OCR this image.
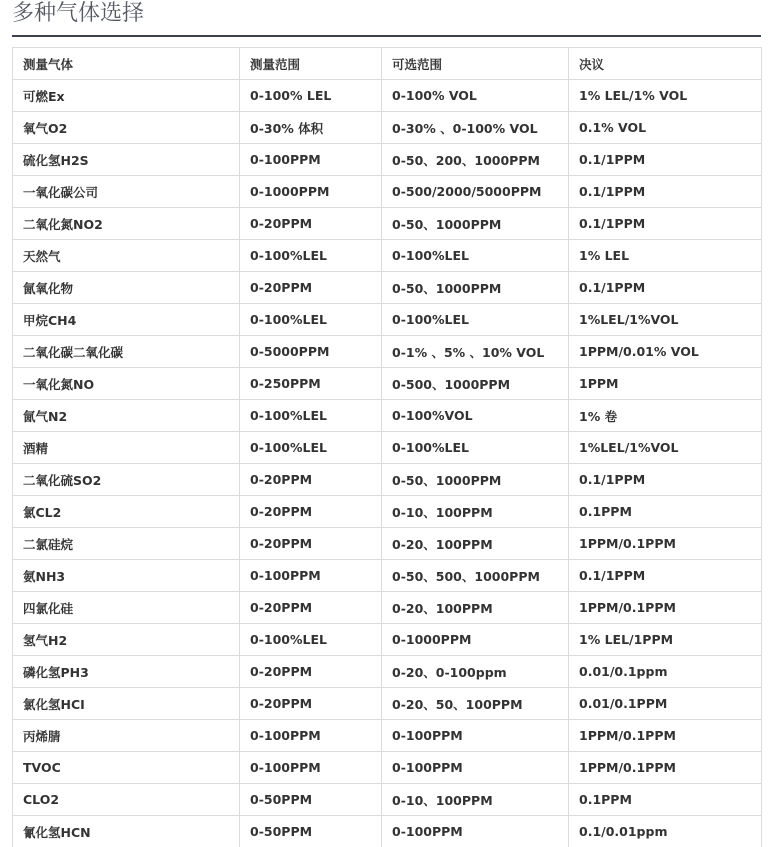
多种气体选择
测量气体	测量范围	可选范围	决议
可燃Ex	0-100% LEL	0-100% VOL	1% LEL/1% VOL
氧气O2	0-30% 体积	0-30% 、0-100% VOL	0.1% VOL
硫化氢H2S	0-100PPM	0-50、200、1000PPM	0.1/1PPM
一氧化碳公司	0-1000PPM	0-500/2000/5000PPM	0.1/1PPM
二氧化氮NO2	0-20PPM	0-50、1000PPM	0.1/1PPM
天然气	0-100%LEL	0-100%LEL	1% LEL
氤氧化物	0-20PPM	0-50、1000PPM	0.1/1PPM
甲烷CH4	0-100%LEL	0-100%LEL	1%LEL/1%VOL
二氧化碳二氧化碳	0-5000PPM	0-1% 、5% 、10% VOL	1PPM/0.01% VOL
一氧化氮NO	0-250PPM	0-500、1000PPM	1PPM
氤气N2	0-100%LEL	0-100%VOL	1% 卷
酒精	0-100%LEL	0-100%LEL	1%LEL/1%VOL
二氧化硫SO2	0-20PPM	0-50、1000PPM	0.1/1PPM
氯CL2	0-20PPM	0-10、100PPM	0.1PPM
二氯硅烷	0-20PPM	0-20、100PPM	1PPM/0.1PPM
氨NH3	0-100PPM	0-50、500、1000PPM	0.1/1PPM
四氯化硅	0-20PPM	0-20、100PPM	1PPM/0.1PPM
氢气H2	0-100%LEL	0-1000PPM	1% LEL/1PPM
磷化氢PH3	0-20PPM	0-20、0-100ppm	0.01/0.1ppm
氯化氢HCI	0-20PPM	0-20、50、100PPM	0.01/0.1PPM
丙烯腈	0-100PPM	0-100PPM	1PPM/0.1PPM
TVOC	0-100PPM	0-100PPM	1PPM/0.1PPM
CLO2	0-50PPM	0-10、100PPM	0.1PPM
氰化氢HCN	0-50PPM	0-100PPM	0.1/0.01ppm
